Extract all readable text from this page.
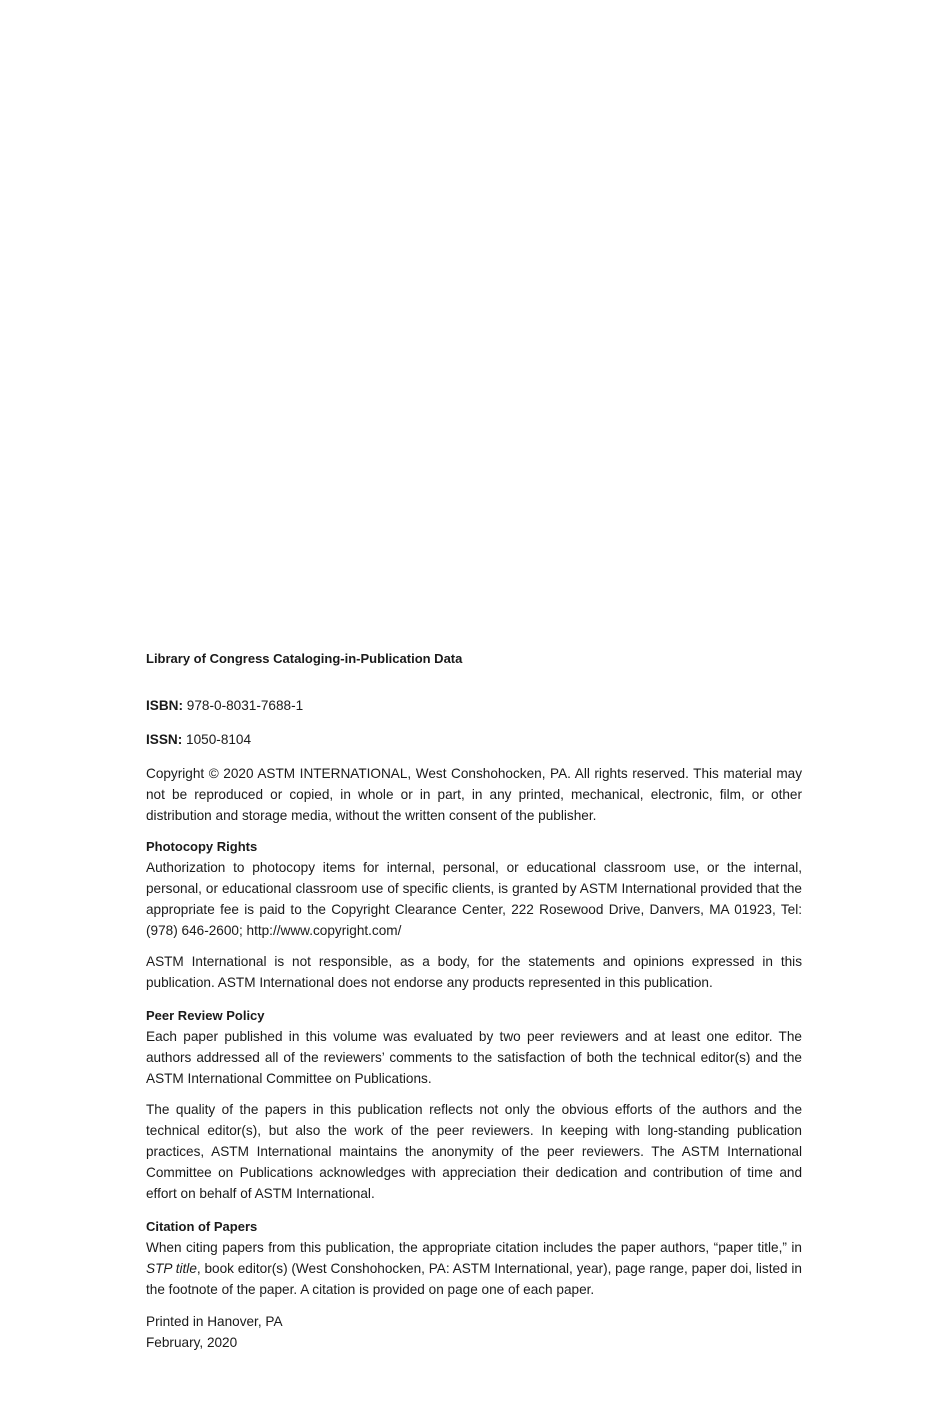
Library of Congress Cataloging-in-Publication Data
ISBN: 978-0-8031-7688-1
ISSN: 1050-8104

Copyright © 2020 ASTM INTERNATIONAL, West Conshohocken, PA. All rights reserved. This material may not be reproduced or copied, in whole or in part, in any printed, mechanical, electronic, film, or other distribution and storage media, without the written consent of the publisher.

Photocopy Rights

Authorization to photocopy items for internal, personal, or educational classroom use, or the internal, personal, or educational classroom use of specific clients, is granted by ASTM International provided that the appropriate fee is paid to the Copyright Clearance Center, 222 Rosewood Drive, Danvers, MA 01923, Tel: (978) 646-2600; http://www.copyright.com/

ASTM International is not responsible, as a body, for the statements and opinions expressed in this publication. ASTM International does not endorse any products represented in this publication.

Peer Review Policy

Each paper published in this volume was evaluated by two peer reviewers and at least one editor. The authors addressed all of the reviewers’ comments to the satisfaction of both the technical editor(s) and the ASTM International Committee on Publications.

The quality of the papers in this publication reflects not only the obvious efforts of the authors and the technical editor(s), but also the work of the peer reviewers. In keeping with long-standing publication practices, ASTM International maintains the anonymity of the peer reviewers. The ASTM International Committee on Publications acknowledges with appreciation their dedication and contribution of time and effort on behalf of ASTM International.

Citation of Papers

When citing papers from this publication, the appropriate citation includes the paper authors, “paper title,” in STP title, book editor(s) (West Conshohocken, PA: ASTM International, year), page range, paper doi, listed in the footnote of the paper. A citation is provided on page one of each paper.

Printed in Hanover, PA
February, 2020
